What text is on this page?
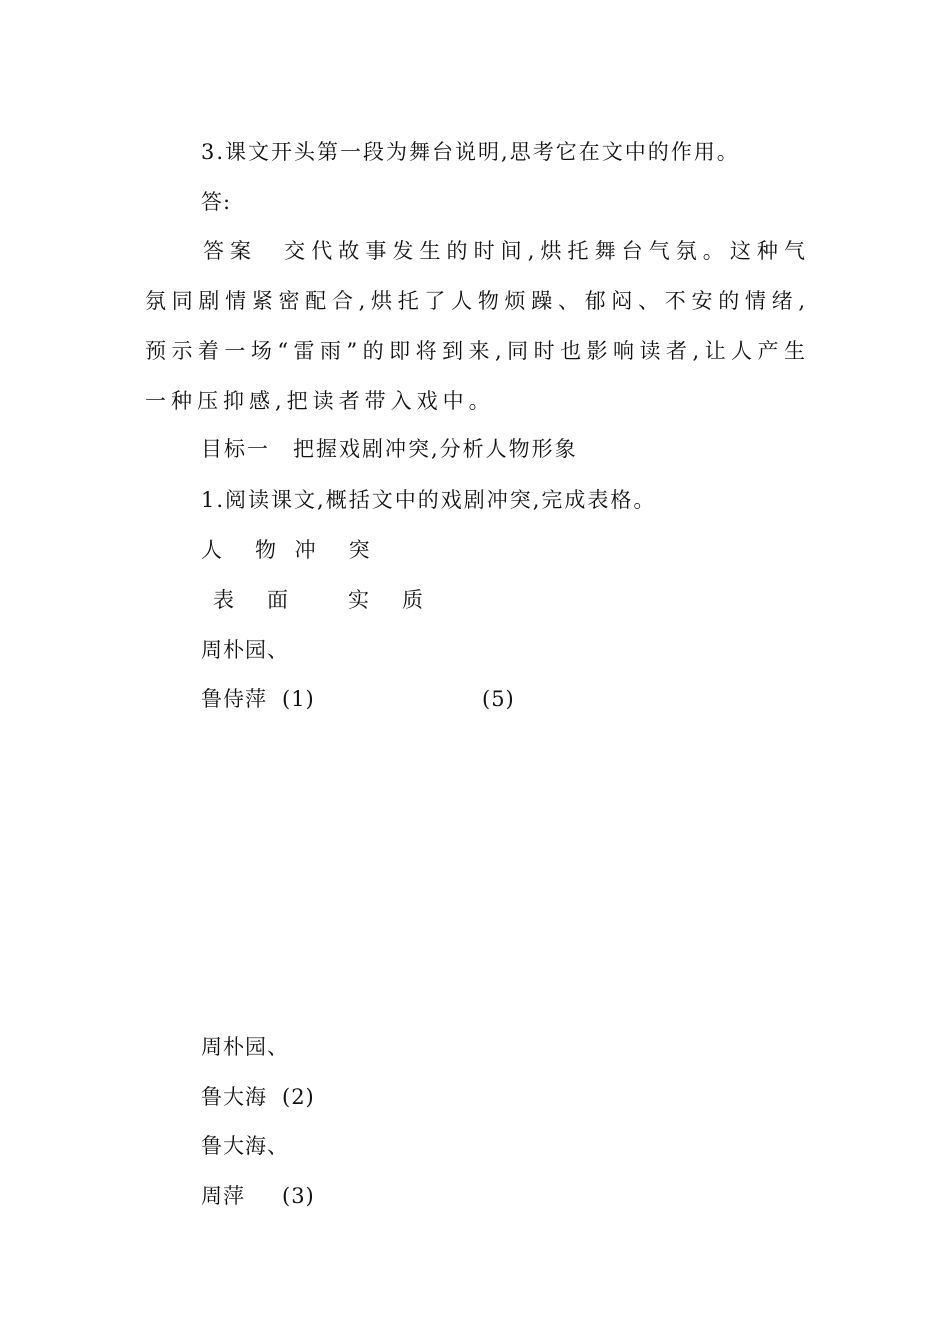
3.课文开头第一段为舞台说明,思考它在文中的作用。
答:
答案　交代故事发生的时间,烘托舞台气氛。这种气氛同剧情紧密配合,烘托了人物烦躁、郁闷、不安的情绪,预示着一场“雷雨”的即将到来,同时也影响读者,让人产生一种压抑感,把读者带入戏中。
目标一　把握戏剧冲突,分析人物形象
1.阅读课文,概括文中的戏剧冲突,完成表格。
人　物 冲　突
表　面　　实　质
周朴园、
鲁侍萍 (1)	(5)
周朴园、
鲁大海 (2)
鲁大海、
周萍 (3)
